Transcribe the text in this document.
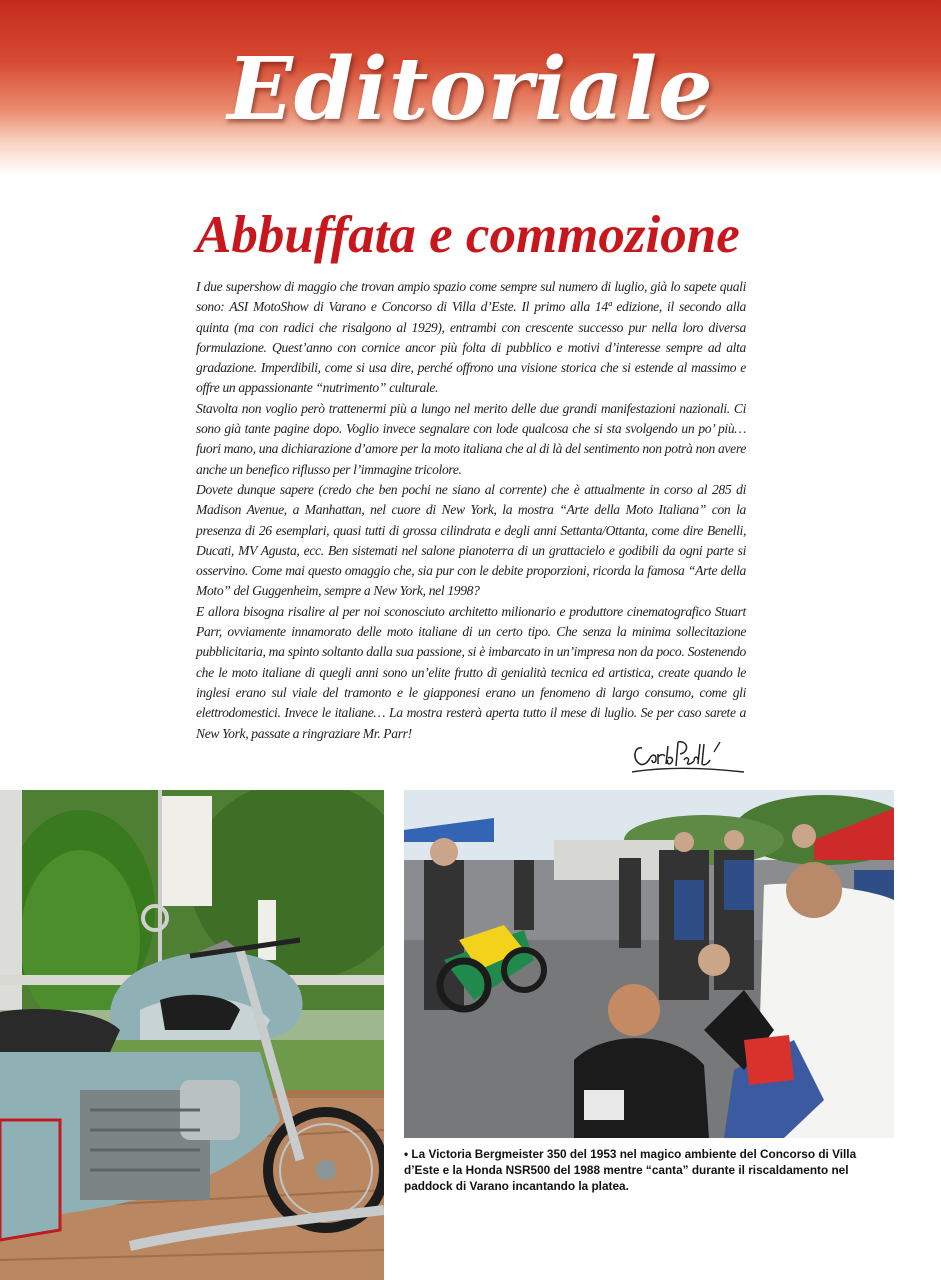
Editoriale
Abbuffata e commozione

I due supershow di maggio che trovan ampio spazio come sempre sul numero di luglio, già lo sapete quali sono: ASI MotoShow di Varano e Concorso di Villa d’Este. Il primo alla 14ª edizione, il secondo alla quinta (ma con radici che risalgono al 1929), entrambi con crescente successo pur nella loro diversa formulazione. Quest’anno con cornice ancor più folta di pubblico e motivi d’interesse sempre ad alta gradazione. Imperdibili, come si usa dire, perché offrono una visione storica che si estende al massimo e offre un appassionante “nutrimento” culturale.

Stavolta non voglio però trattenermi più a lungo nel merito delle due grandi manifestazioni nazionali. Ci sono già tante pagine dopo. Voglio invece segnalare con lode qualcosa che si sta svolgendo un po’ più… fuori mano, una dichiarazione d’amore per la moto italiana che al di là del sentimento non potrà non avere anche un benefico riflusso per l’immagine tricolore.

Dovete dunque sapere (credo che ben pochi ne siano al corrente) che è attualmente in corso al 285 di Madison Avenue, a Manhattan, nel cuore di New York, la mostra “Arte della Moto Italiana” con la presenza di 26 esemplari, quasi tutti di grossa cilindrata e degli anni Settanta/Ottanta, come dire Benelli, Ducati, MV Agusta, ecc. Ben sistemati nel salone pianoterra di un grattacielo e godibili da ogni parte si osservino. Come mai questo omaggio che, sia pur con le debite proporzioni, ricorda la famosa “Arte della Moto” del Guggenheim, sempre a New York, nel 1998?

E allora bisogna risalire al per noi sconosciuto architetto milionario e produttore cinematografico Stuart Parr, ovviamente innamorato delle moto italiane di un certo tipo. Che senza la minima sollecitazione pubblicitaria, ma spinto soltanto dalla sua passione, si è imbarcato in un’impresa non da poco. Sostenendo che le moto italiane di quegli anni sono un’elite frutto di genialità tecnica ed artistica, create quando le inglesi erano sul viale del tramonto e le giapponesi erano un fenomeno di largo consumo, come gli elettrodomestici. Invece le italiane… La mostra resterà aperta tutto il mese di luglio. Se per caso sarete a New York, passate a ringraziare Mr. Parr!

• La Victoria Bergmeister 350 del 1953 nel magico ambiente del Concorso di Villa d’Este e la Honda NSR500 del 1988 mentre “canta” durante il riscaldamento nel paddock di Varano incantando la platea.
